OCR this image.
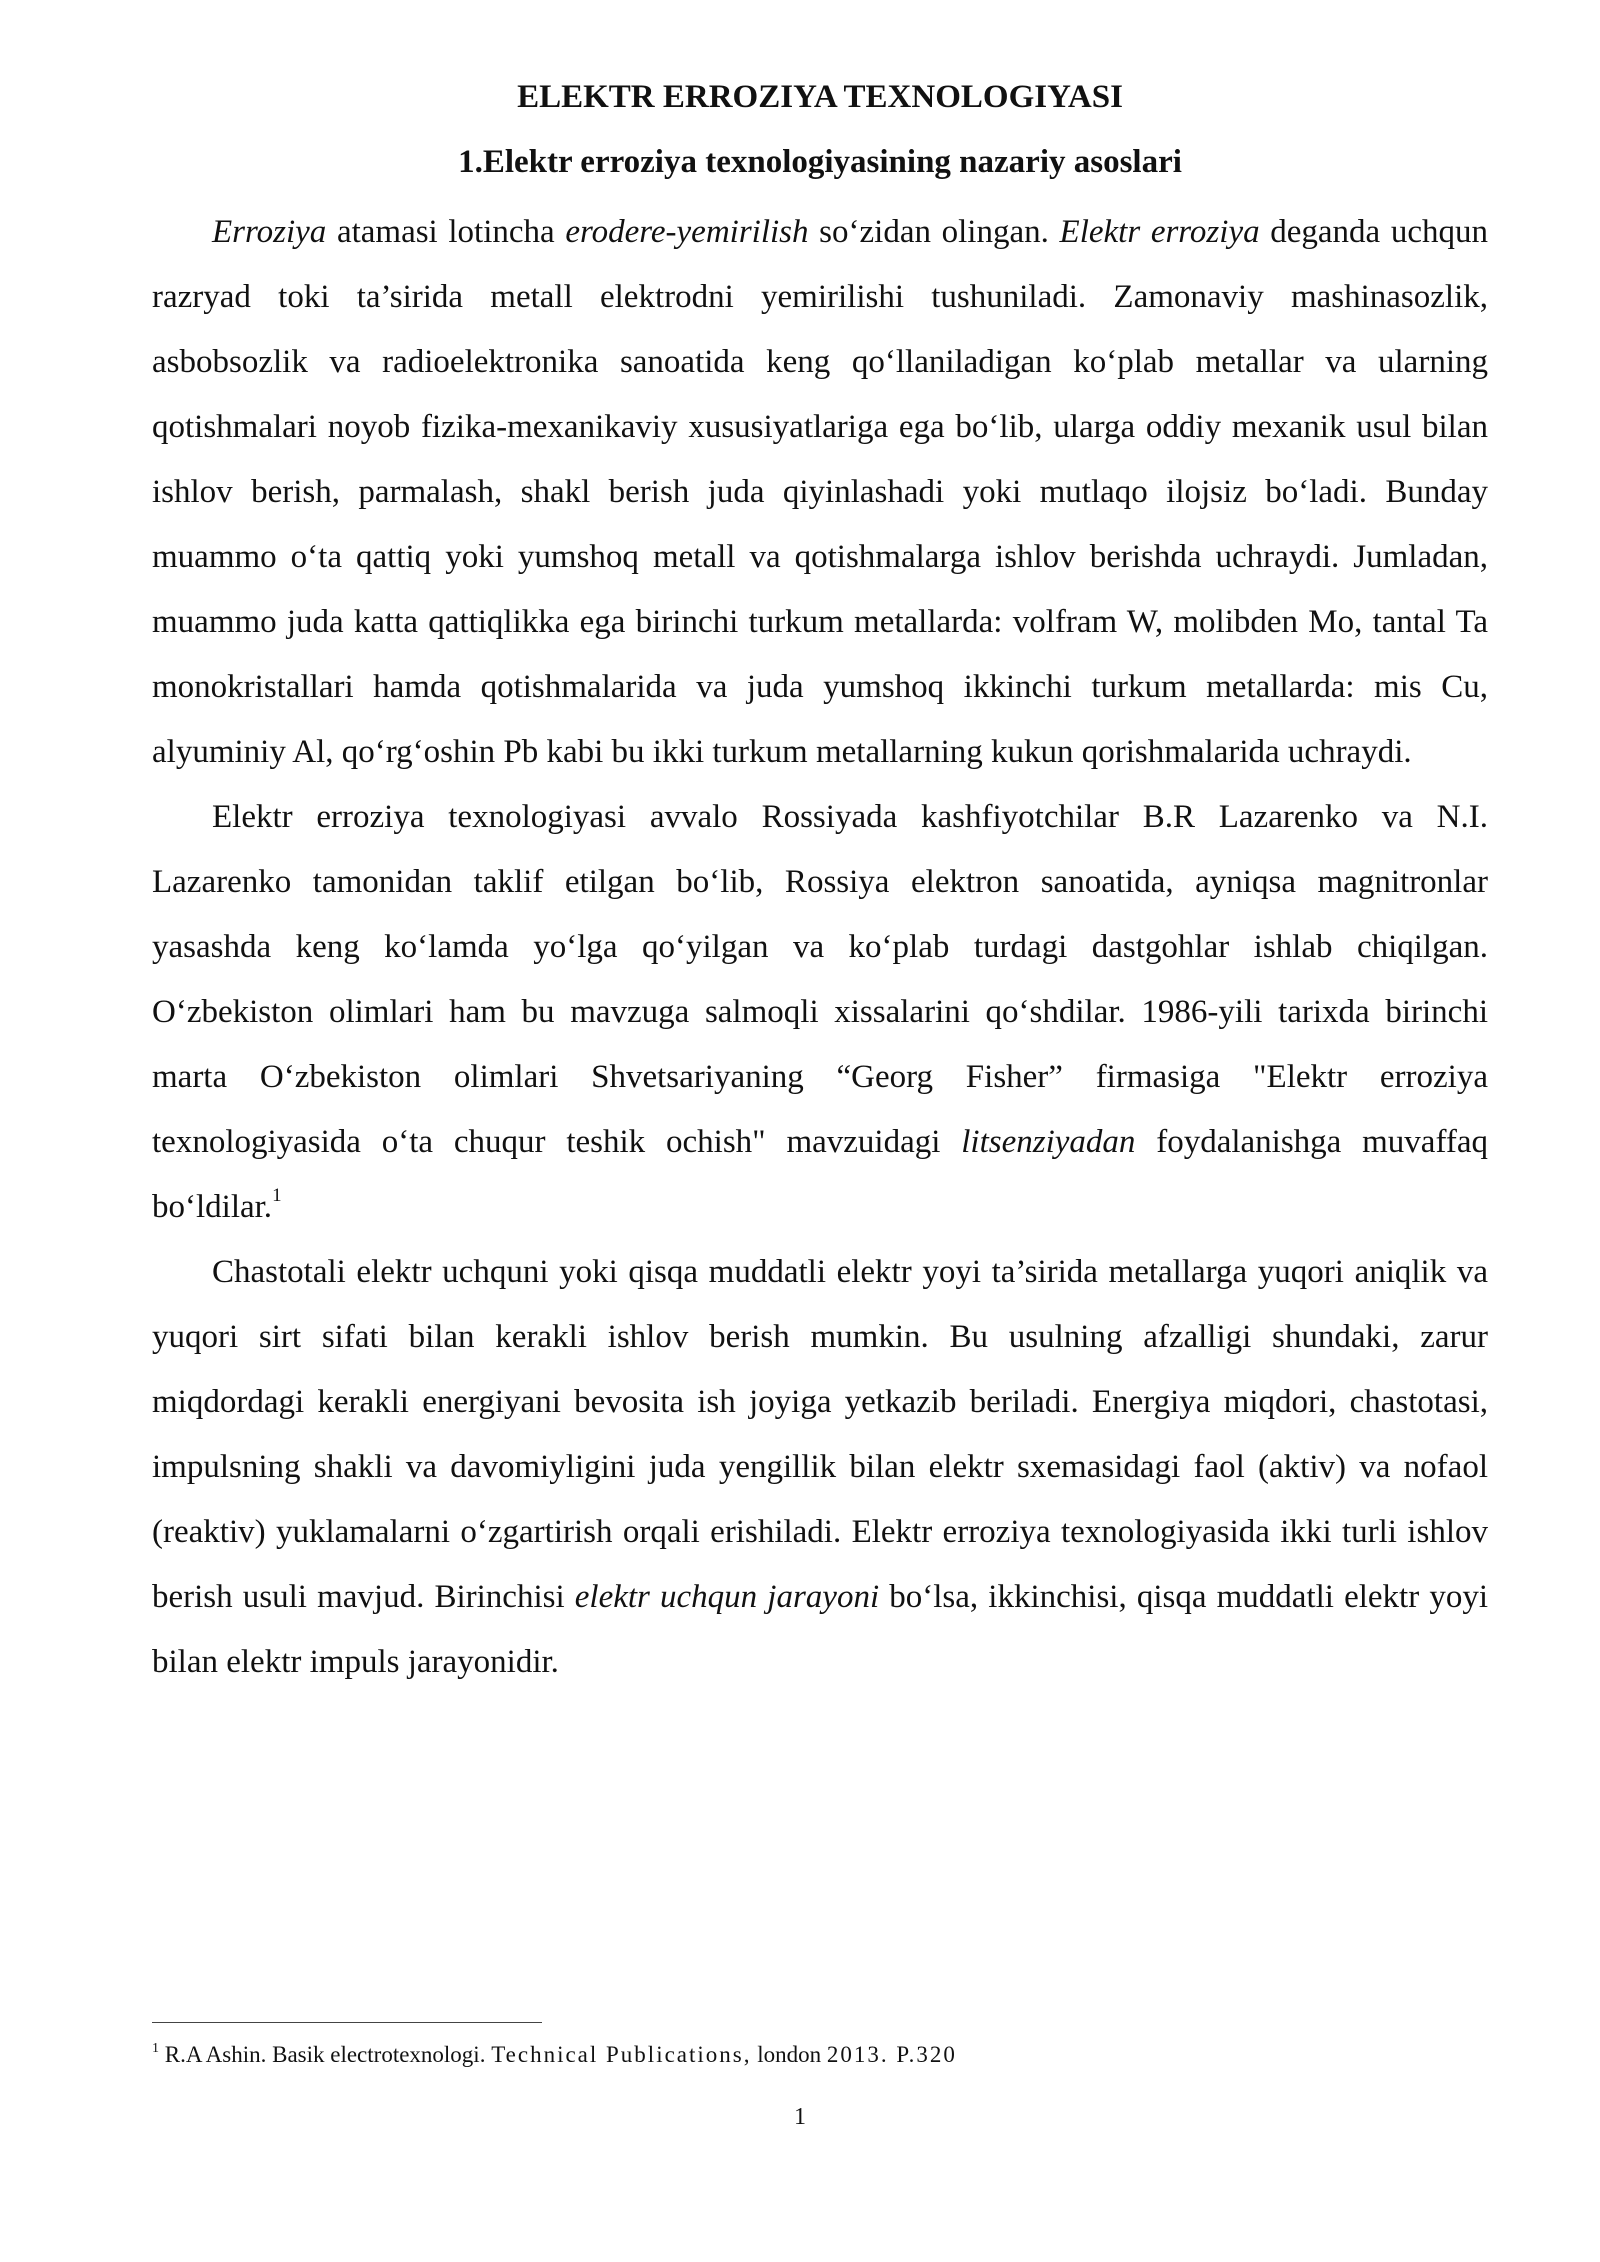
ELEKTR ERROZIYA TEXNOLOGIYASI
1.Elektr erroziya texnologiyasining nazariy asoslari

Erroziya atamasi lotincha erodere-yemirilish so‘zidan olingan. Elektr erroziya deganda uchqun razryad toki ta’sirida metall elektrodni yemirilishi tushuniladi. Zamonaviy mashinasozlik, asbobsozlik va radioelektronika sanoatida keng qo‘llaniladigan ko‘plab metallar va ularning qotishmalari noyob fizika-mexanikaviy xususiyatlariga ega bo‘lib, ularga oddiy mexanik usul bilan ishlov berish, parmalash, shakl berish juda qiyinlashadi yoki mutlaqo ilojsiz bo‘ladi. Bunday muammo o‘ta qattiq yoki yumshoq metall va qotishmalarga ishlov berishda uchraydi. Jumladan, muammo juda katta qattiqlikka ega birinchi turkum metallarda: volfram W, molibden Mo, tantal Ta monokristallari hamda qotishmalarida va juda yumshoq ikkinchi turkum metallarda: mis Cu, alyuminiy Al, qo‘rg‘oshin Pb kabi bu ikki turkum metallarning kukun qorishmalarida uchraydi.

Elektr erroziya texnologiyasi avvalo Rossiyada kashfiyotchilar B.R Lazarenko va N.I. Lazarenko tamonidan taklif etilgan bo‘lib, Rossiya elektron sanoatida, ayniqsa magnitronlar yasashda keng ko‘lamda yo‘lga qo‘yilgan va ko‘plab turdagi dastgohlar ishlab chiqilgan. O‘zbekiston olimlari ham bu mavzuga salmoqli xissalarini qo‘shdilar. 1986-yili tarixda birinchi marta O‘zbekiston olimlari Shvetsariyaning “Georg Fisher” firmasiga "Elektr erroziya texnologiyasida o‘ta chuqur teshik ochish" mavzuidagi litsenziyadan foydalanishga muvaffaq bo‘ldilar.$^1$

Chastotali elektr uchquni yoki qisqa muddatli elektr yoyi ta’sirida metallarga yuqori aniqlik va yuqori sirt sifati bilan kerakli ishlov berish mumkin. Bu usulning afzalligi shundaki, zarur miqdordagi kerakli energiyani bevosita ish joyiga yetkazib beriladi. Energiya miqdori, chastotasi, impulsning shakli va davomiyligini juda yengillik bilan elektr sxemasidagi faol (aktiv) va nofaol (reaktiv) yuklamalarni o‘zgartirish orqali erishiladi. Elektr erroziya texnologiyasida ikki turli ishlov berish usuli mavjud. Birinchisi elektr uchqun jarayoni bo‘lsa, ikkinchisi, qisqa muddatli elektr yoyi bilan elektr impuls jarayonidir.

$^1$ R.A Ashin. Basik electrotexnologi. Technical Publications, london 2013. P.320
1
